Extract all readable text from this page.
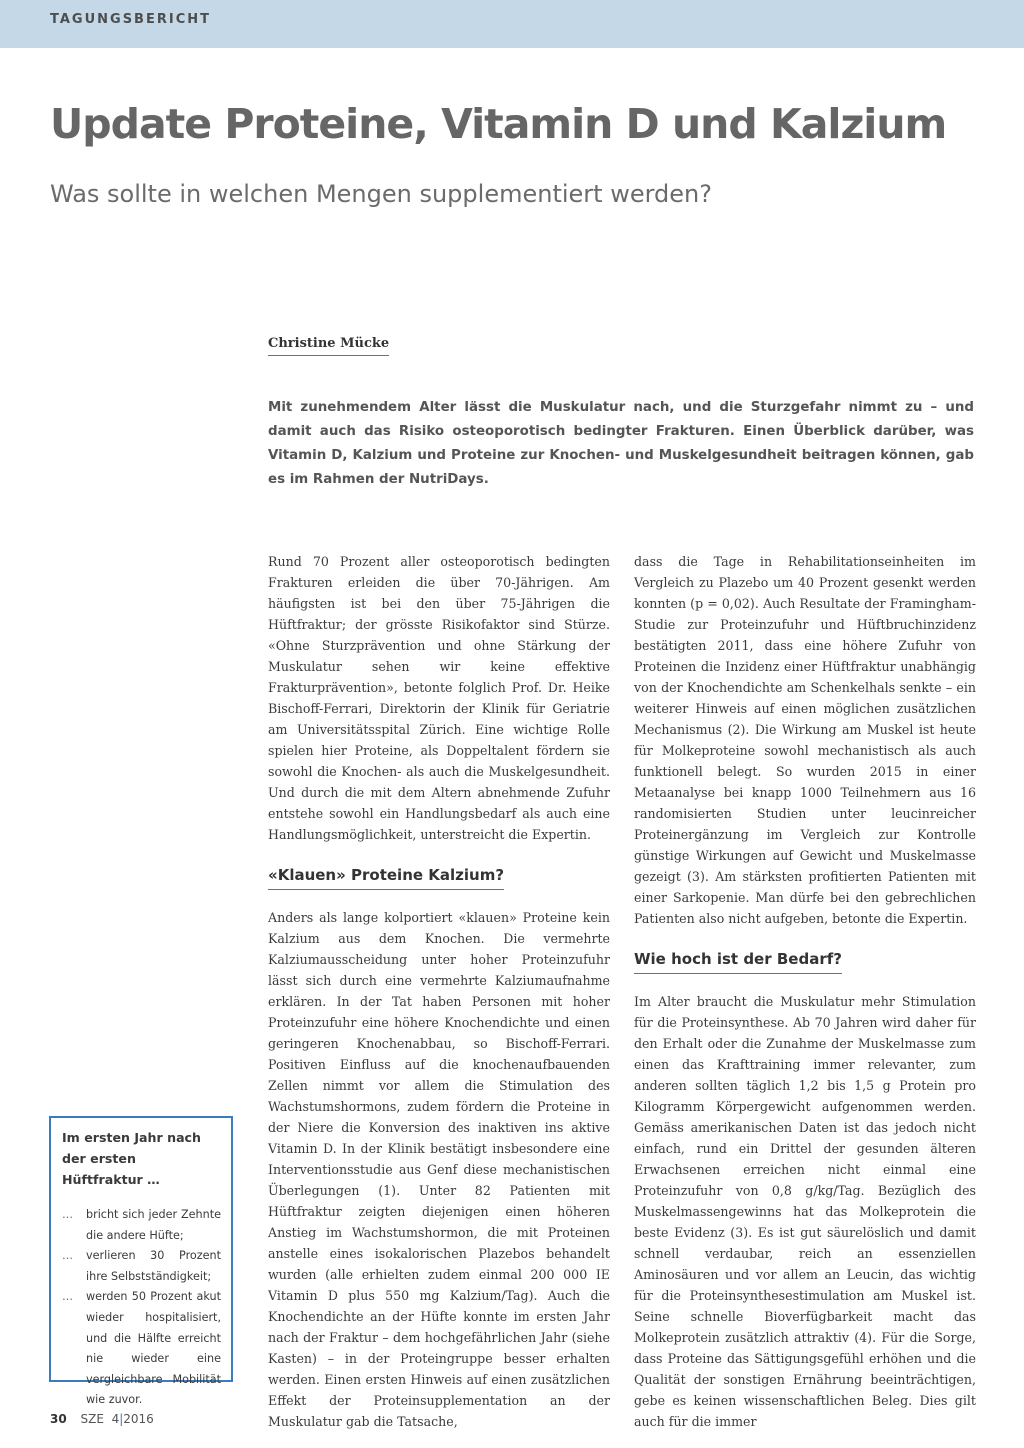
TAGUNGSBERICHT
Update Proteine, Vitamin D und Kalzium
Was sollte in welchen Mengen supplementiert werden?
Christine Mücke

Mit zunehmendem Alter lässt die Muskulatur nach, und die Sturzgefahr nimmt zu – und damit auch das Risiko osteoporotisch bedingter Frakturen. Einen Überblick darüber, was Vitamin D, Kalzium und Proteine zur Knochen- und Muskelgesundheit beitragen können, gab es im Rahmen der NutriDays.

Rund 70 Prozent aller osteoporotisch bedingten Frakturen erleiden die über 70-Jährigen. Am häufigsten ist bei den über 75-Jährigen die Hüftfraktur; der grösste Risikofaktor sind Stürze. «Ohne Sturzprävention und ohne Stärkung der Muskulatur sehen wir keine effektive Frakturprävention», betonte folglich Prof. Dr. Heike Bischoff-Ferrari, Direktorin der Klinik für Geriatrie am Universitätsspital Zürich. Eine wichtige Rolle spielen hier Proteine, als Doppeltalent fördern sie sowohl die Knochen- als auch die Muskelgesundheit. Und durch die mit dem Altern abnehmende Zufuhr entstehe sowohl ein Handlungsbedarf als auch eine Handlungsmöglichkeit, unterstreicht die Expertin.

«Klauen» Proteine Kalzium?

Anders als lange kolportiert «klauen» Proteine kein Kalzium aus dem Knochen. Die vermehrte Kalziumausscheidung unter hoher Proteinzufuhr lässt sich durch eine vermehrte Kalziumaufnahme erklären. In der Tat haben Personen mit hoher Proteinzufuhr eine höhere Knochendichte und einen geringeren Knochenabbau, so Bischoff-Ferrari. Positiven Einfluss auf die knochenaufbauenden Zellen nimmt vor allem die Stimulation des Wachstumshormons, zudem fördern die Proteine in der Niere die Konversion des inaktiven ins aktive Vitamin D. In der Klinik bestätigt insbesondere eine Interventionsstudie aus Genf diese mechanistischen Überlegungen (1). Unter 82 Patienten mit Hüftfraktur zeigten diejenigen einen höheren Anstieg im Wachstumshormon, die mit Proteinen anstelle eines isokalorischen Plazebos behandelt wurden (alle erhielten zudem einmal 200 000 IE Vitamin D plus 550 mg Kalzium/Tag). Auch die Knochendichte an der Hüfte konnte im ersten Jahr nach der Fraktur – dem hochgefährlichen Jahr (siehe Kasten) – in der Proteingruppe besser erhalten werden. Einen ersten Hinweis auf einen zusätzlichen Effekt der Proteinsupplementation an der Muskulatur gab die Tatsache,

dass die Tage in Rehabilitationseinheiten im Vergleich zu Plazebo um 40 Prozent gesenkt werden konnten (p = 0,02). Auch Resultate der Framingham-Studie zur Proteinzufuhr und Hüftbruchinzidenz bestätigten 2011, dass eine höhere Zufuhr von Proteinen die Inzidenz einer Hüftfraktur unabhängig von der Knochendichte am Schenkelhals senkte – ein weiterer Hinweis auf einen möglichen zusätzlichen Mechanismus (2). Die Wirkung am Muskel ist heute für Molkeproteine sowohl mechanistisch als auch funktionell belegt. So wurden 2015 in einer Metaanalyse bei knapp 1000 Teilnehmern aus 16 randomisierten Studien unter leucinreicher Proteinergänzung im Vergleich zur Kontrolle günstige Wirkungen auf Gewicht und Muskelmasse gezeigt (3). Am stärksten profitierten Patienten mit einer Sarkopenie. Man dürfe bei den gebrechlichen Patienten also nicht aufgeben, betonte die Expertin.

Wie hoch ist der Bedarf?

Im Alter braucht die Muskulatur mehr Stimulation für die Proteinsynthese. Ab 70 Jahren wird daher für den Erhalt oder die Zunahme der Muskelmasse zum einen das Krafttraining immer relevanter, zum anderen sollten täglich 1,2 bis 1,5 g Protein pro Kilogramm Körpergewicht aufgenommen werden. Gemäss amerikanischen Daten ist das jedoch nicht einfach, rund ein Drittel der gesunden älteren Erwachsenen erreichen nicht einmal eine Proteinzufuhr von 0,8 g/kg/Tag. Bezüglich des Muskelmassengewinns hat das Molkeprotein die beste Evidenz (3). Es ist gut säurelöslich und damit schnell verdaubar, reich an essenziellen Aminosäuren und vor allem an Leucin, das wichtig für die Proteinsynthesestimulation am Muskel ist. Seine schnelle Bioverfügbarkeit macht das Molkeprotein zusätzlich attraktiv (4). Für die Sorge, dass Proteine das Sättigungsgefühl erhöhen und die Qualität der sonstigen Ernährung beeinträchtigen, gebe es keinen wissenschaftlichen Beleg. Dies gilt auch für die immer

Im ersten Jahr nach der ersten Hüftfraktur …
… bricht sich jeder Zehnte die andere Hüfte;
… verlieren 30 Prozent ihre Selbstständigkeit;
… werden 50 Prozent akut wieder hospitalisiert, und die Hälfte erreicht nie wieder eine vergleichbare Mobilität wie zuvor.
30 SZE 4|2016
